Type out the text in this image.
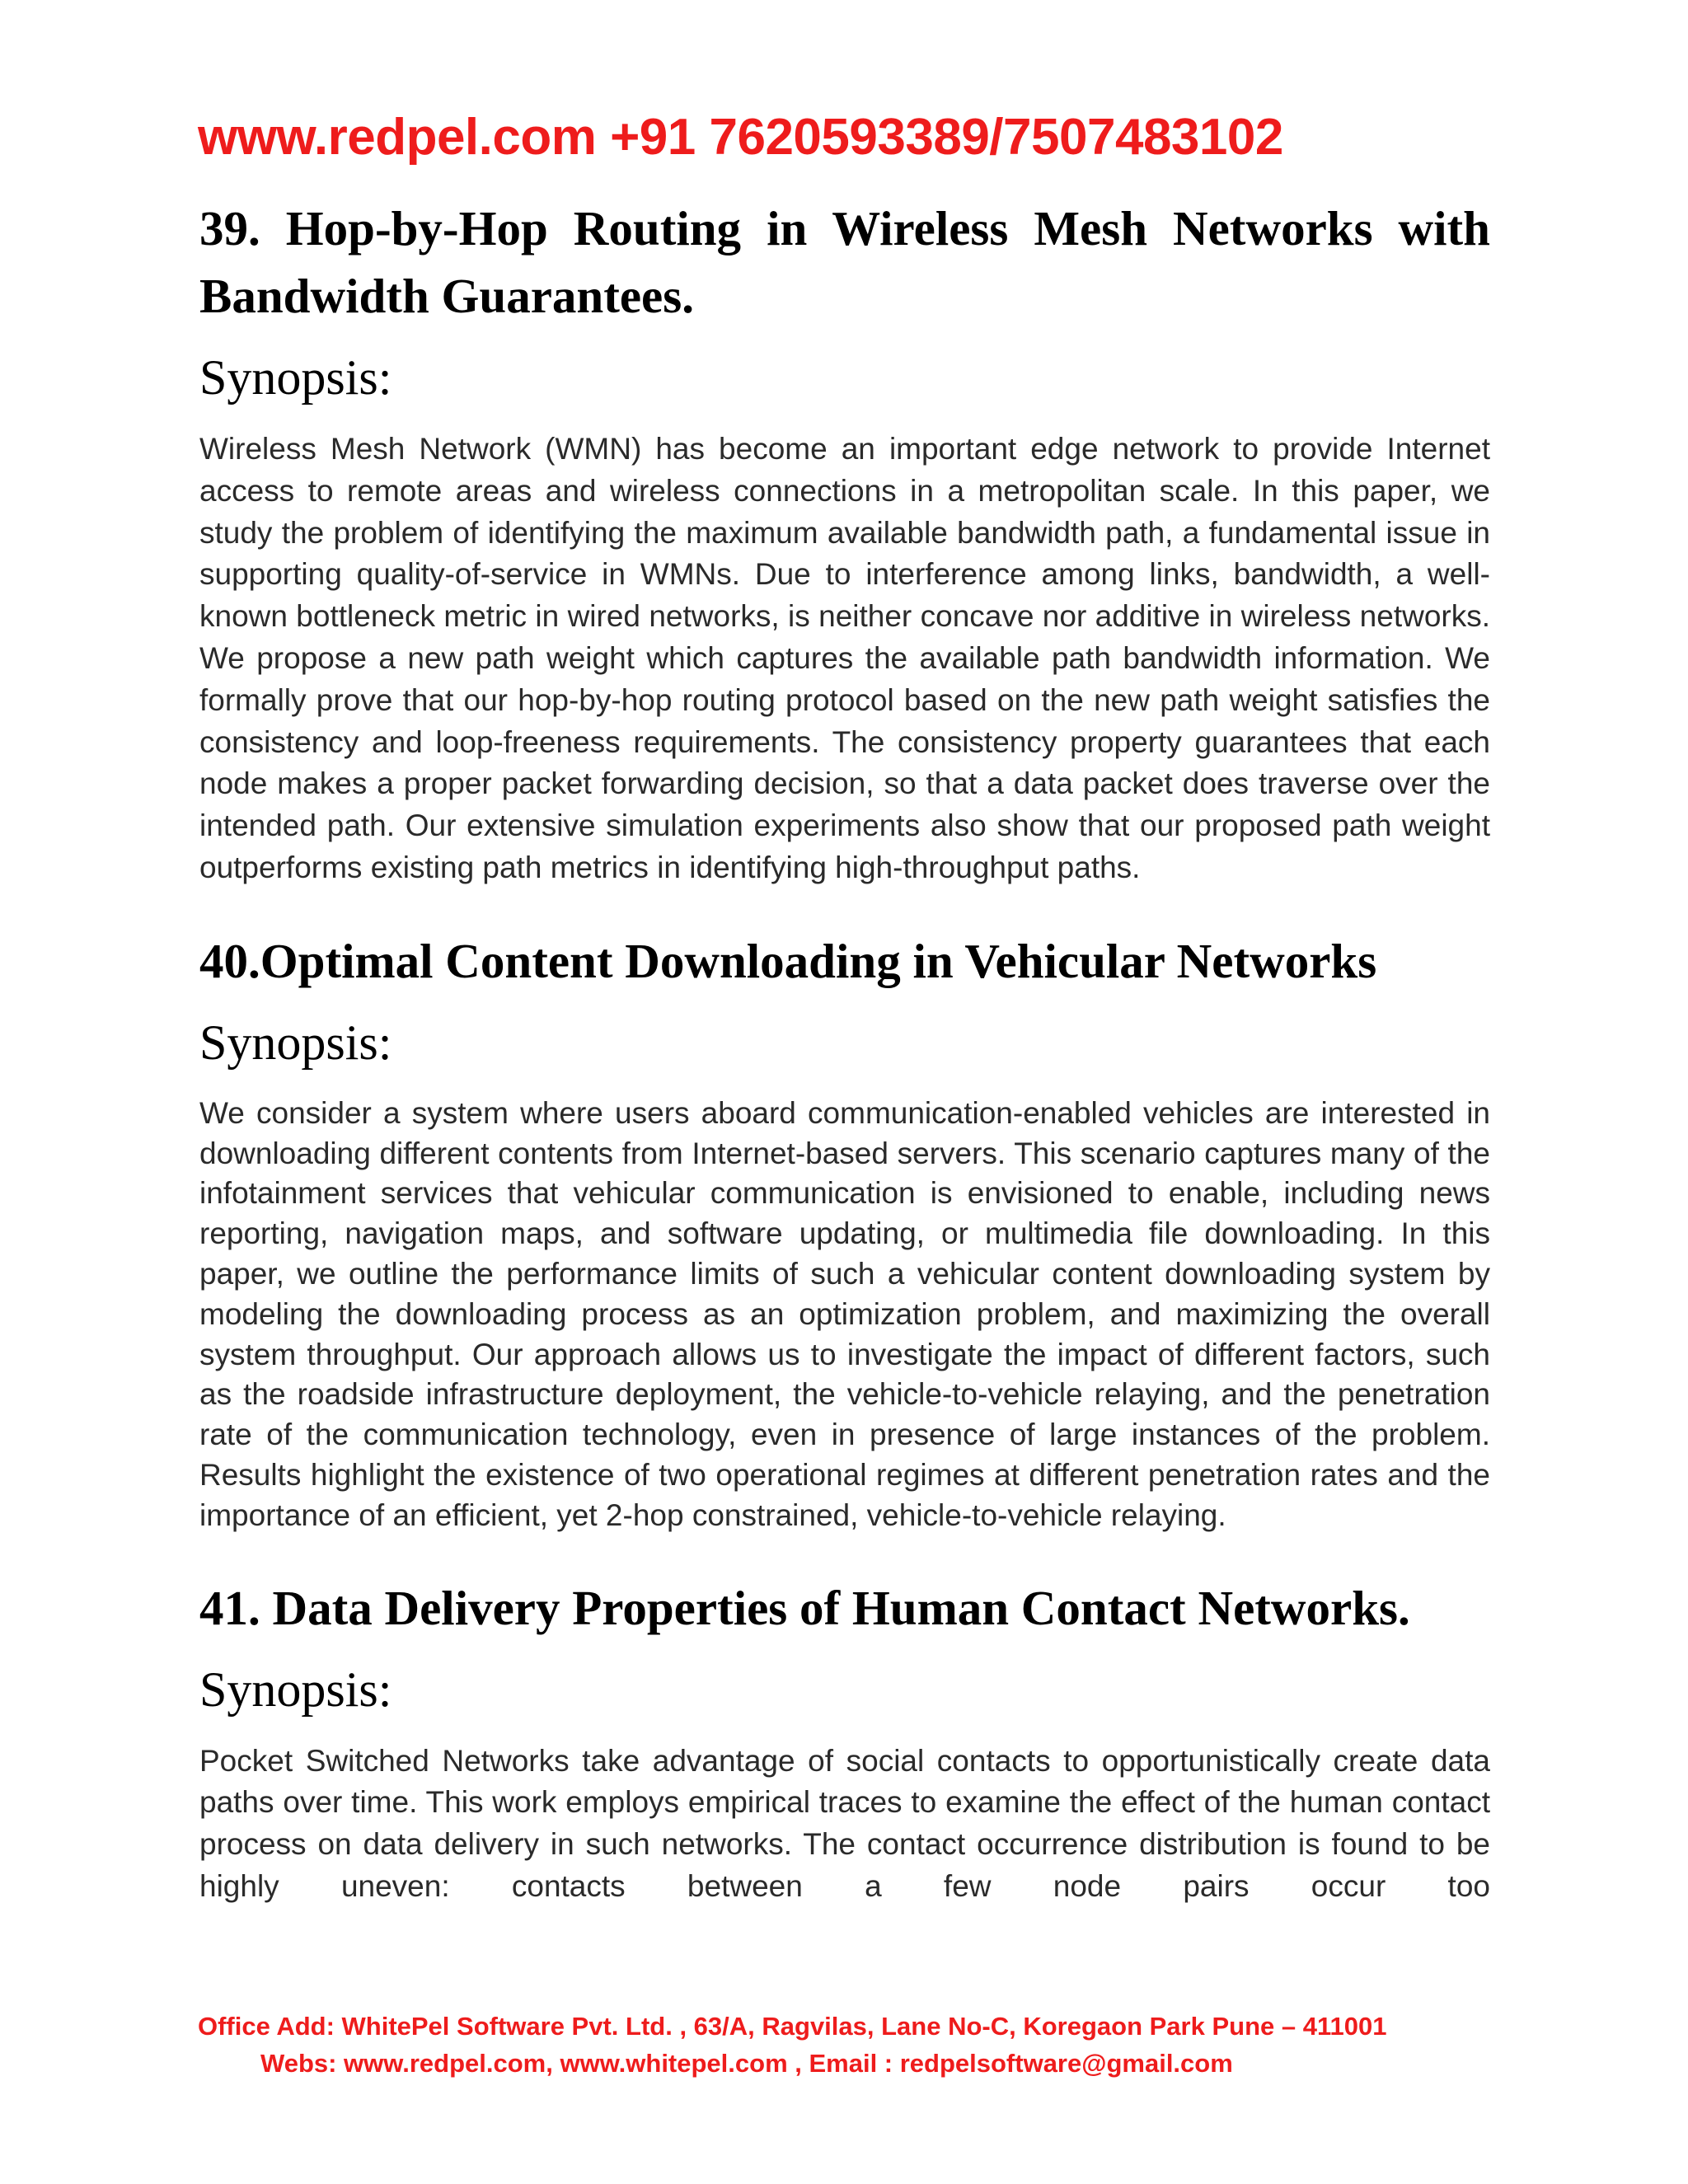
www.redpel.com +91 7620593389/7507483102
39. Hop-by-Hop Routing in Wireless Mesh Networks with
Bandwidth Guarantees.
Synopsis:

Wireless Mesh Network (WMN) has become an important edge network to provide Internet access to remote areas and wireless connections in a metropolitan scale. In this paper, we study the problem of identifying the maximum available bandwidth path, a fundamental issue in supporting quality-of-service in WMNs. Due to interference among links, bandwidth, a well-known bottleneck metric in wired networks, is neither concave nor additive in wireless networks. We propose a new path weight which captures the available path bandwidth information. We formally prove that our hop-by-hop routing protocol based on the new path weight satisfies the consistency and loop-freeness requirements. The consistency property guarantees that each node makes a proper packet forwarding decision, so that a data packet does traverse over the intended path. Our extensive simulation experiments also show that our proposed path weight outperforms existing path metrics in identifying high-throughput paths.

40.Optimal Content Downloading in Vehicular Networks
Synopsis:

We consider a system where users aboard communication-enabled vehicles are interested in downloading different contents from Internet-based servers. This scenario captures many of the infotainment services that vehicular communication is envisioned to enable, including news reporting, navigation maps, and software updating, or multimedia file downloading. In this paper, we outline the performance limits of such a vehicular content downloading system by modeling the downloading process as an optimization problem, and maximizing the overall system throughput. Our approach allows us to investigate the impact of different factors, such as the roadside infrastructure deployment, the vehicle-to-vehicle relaying, and the penetration rate of the communication technology, even in presence of large instances of the problem. Results highlight the existence of two operational regimes at different penetration rates and the importance of an efficient, yet 2-hop constrained, vehicle-to-vehicle relaying.

41. Data Delivery Properties of Human Contact Networks.
Synopsis:

Pocket Switched Networks take advantage of social contacts to opportunistically create data paths over time. This work employs empirical traces to examine the effect of the human contact process on data delivery in such networks. The contact occurrence distribution is found to be highly uneven: contacts between a few node pairs occur too

Office Add: WhitePel Software Pvt. Ltd. , 63/A, Ragvilas, Lane No-C, Koregaon Park Pune – 411001
Webs: www.redpel.com, www.whitepel.com , Email : redpelsoftware@gmail.com
